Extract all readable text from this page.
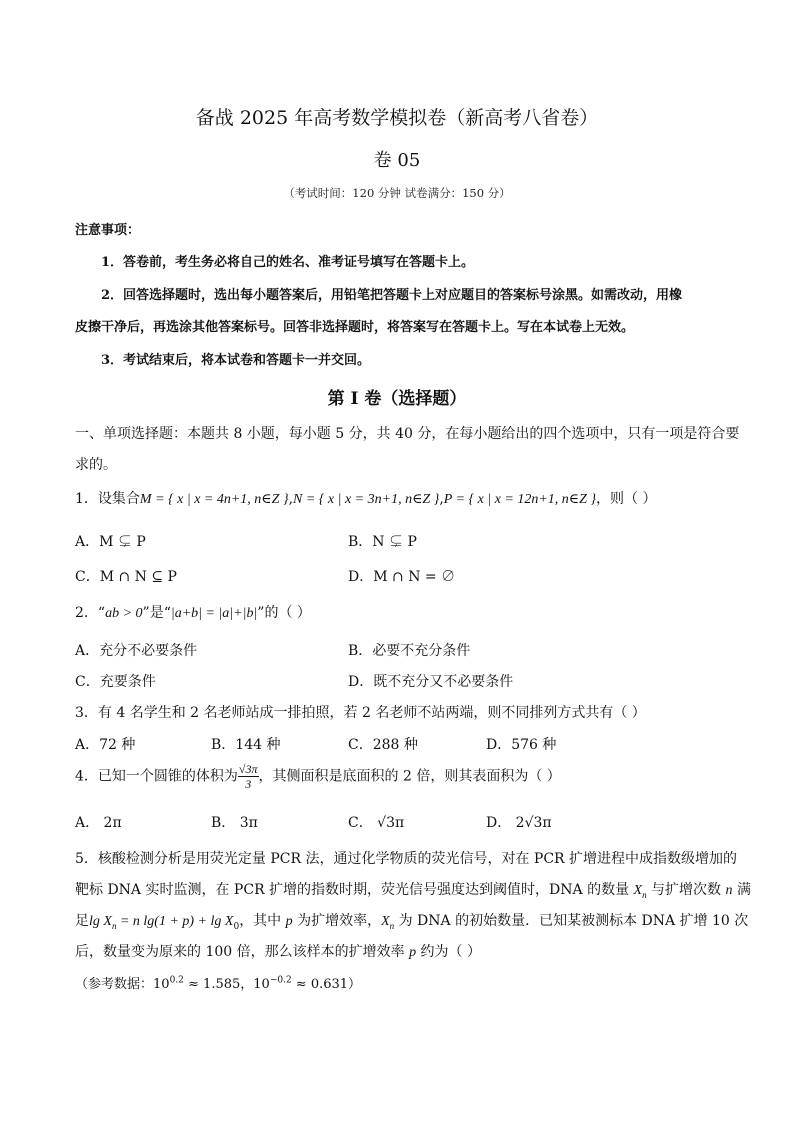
备战 2025 年高考数学模拟卷（新高考八省卷）
卷 05
（考试时间：120 分钟 试卷满分：150 分）
注意事项：
1．答卷前，考生务必将自己的姓名、准考证号填写在答题卡上。
2．回答选择题时，选出每小题答案后，用铅笔把答题卡上对应题目的答案标号涂黑。如需改动，用橡
皮擦干净后，再选涂其他答案标号。回答非选择题时，将答案写在答题卡上。写在本试卷上无效。
3．考试结束后，将本试卷和答题卡一并交回。
第 I 卷（选择题）
一、单项选择题：本题共 8 小题，每小题 5 分，共 40 分，在每小题给出的四个选项中，只有一项是符合要
求的。
1．设集合M = { x | x = 4n+1, n∈Z },N = { x | x = 3n+1, n∈Z },P = { x | x = 12n+1, n∈Z }，则（ ）
A．M ⊊ P	B．N ⊊ P
C．M ∩ N ⊆ P	D．M ∩ N = ∅
2．“ab > 0”是“|a+b| = |a|+|b|”的（ ）
A．充分不必要条件	B．必要不充分条件
C．充要条件	D．既不充分又不必要条件
3．有 4 名学生和 2 名老师站成一排拍照，若 2 名老师不站两端，则不同排列方式共有（ ）
A．72 种	B．144 种	C．288 种	D．576 种
4．已知一个圆锥的体积为 $\frac{√3\pi}{3}$ ，其侧面积是底面积的 2 倍，则其表面积为（ ）
A． 2π	B． 3π	C． √3π	D． 2√3π
5．核酸检测分析是用荧光定量 PCR 法，通过化学物质的荧光信号，对在 PCR 扩增进程中成指数级增加的
靶标 DNA 实时监测，在 PCR 扩增的指数时期，荧光信号强度达到阈值时，DNA 的数量 $X_n$ 与扩增次数 n 满
足$\lg X_n = n$ $\lg(1 + p) + \lg X_0$，其中 p 为扩增效率，$X_n$ 为 DNA 的初始数量．已知某被测标本 DNA 扩增 10 次
后，数量变为原来的 100 倍，那么该样本的扩增效率 p 约为（ ）
（参考数据：$10^{0.2} \approx 1.585$，$10^{-0.2} \approx 0.631$）
